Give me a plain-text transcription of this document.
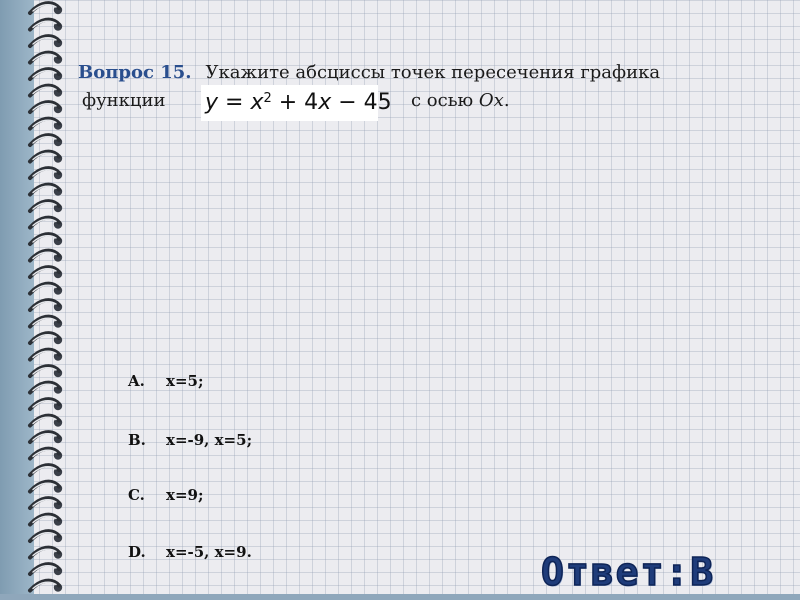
Вопрос 15. Укажите абсциссы точек пересечения графика
функции $y = x^2 + 4x - 45$ с осью Ox.
A. x=5;
B. x=-9, x=5;
C. x=9;
D. x=-5, x=9.	Ответ:В
